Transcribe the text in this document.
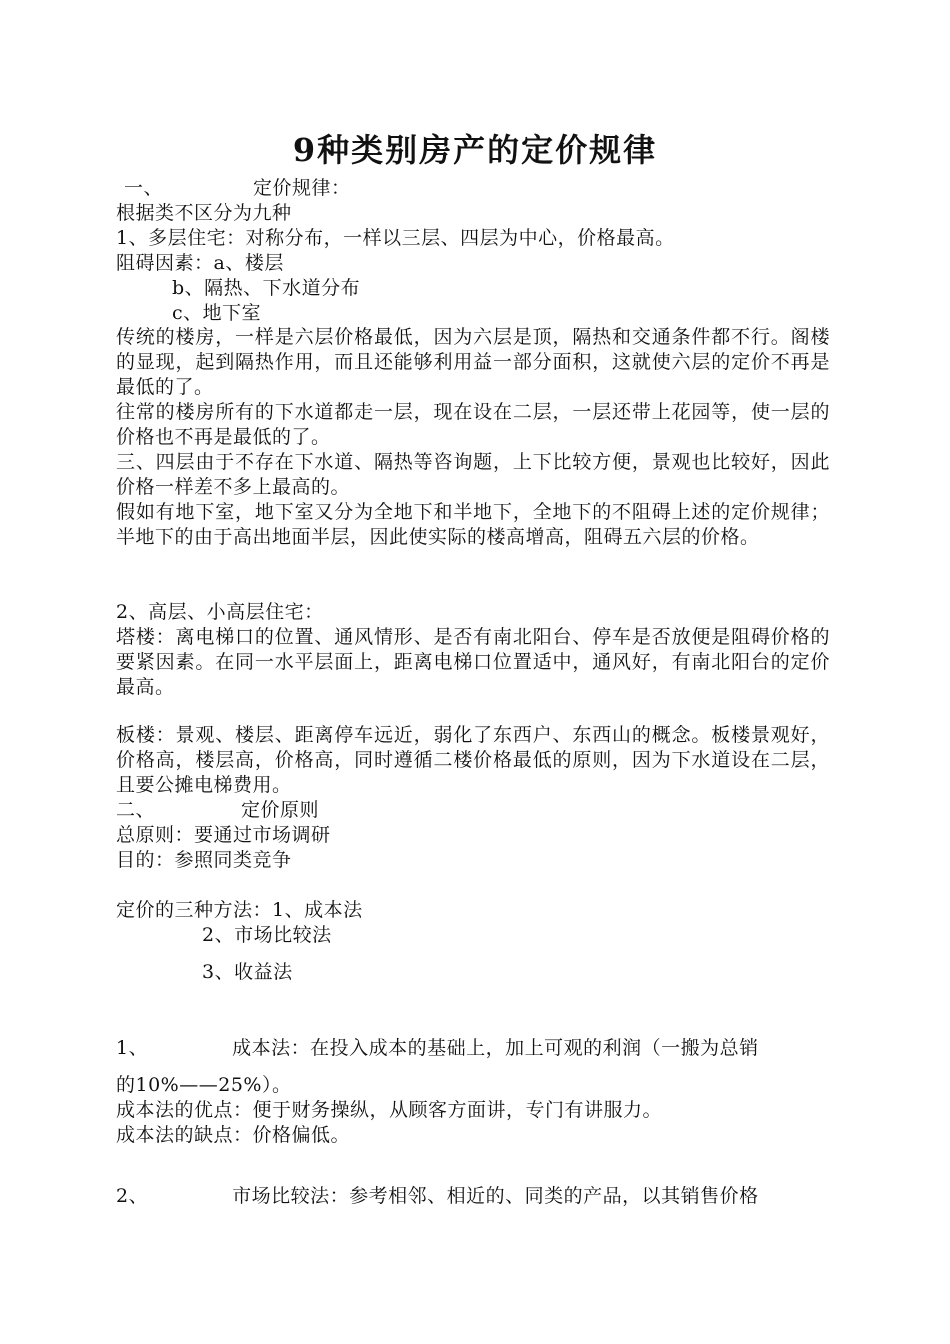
9种类别房产的定价规律
一、	定价规律：
根据类不区分为九种
1、多层住宅：对称分布，一样以三层、四层为中心，价格最高。
阻碍因素：a、楼层
b、隔热、下水道分布
c、地下室
传统的楼房，一样是六层价格最低，因为六层是顶，隔热和交通条件都不行。阁楼的显现，起到隔热作用，而且还能够利用益一部分面积，这就使六层的定价不再是最低的了。
往常的楼房所有的下水道都走一层，现在设在二层，一层还带上花园等，使一层的价格也不再是最低的了。
三、四层由于不存在下水道、隔热等咨询题，上下比较方便，景观也比较好，因此价格一样差不多上最高的。
假如有地下室，地下室又分为全地下和半地下，全地下的不阻碍上述的定价规律；半地下的由于高出地面半层，因此使实际的楼高增高，阻碍五六层的价格。
2、高层、小高层住宅：
塔楼：离电梯口的位置、通风情形、是否有南北阳台、停车是否放便是阻碍价格的要紧因素。在同一水平层面上，距离电梯口位置适中，通风好，有南北阳台的定价最高。
板楼：景观、楼层、距离停车远近，弱化了东西户、东西山的概念。板楼景观好，价格高，楼层高，价格高，同时遵循二楼价格最低的原则，因为下水道设在二层，且要公摊电梯费用。
二、	定价原则
总原则：要通过市场调研
目的：参照同类竞争
定价的三种方法：1、成本法
2、市场比较法
3、收益法
1、	成本法：在投入成本的基础上，加上可观的利润（一搬为总销
的10%——25%）。
成本法的优点：便于财务操纵，从顾客方面讲，专门有讲服力。
成本法的缺点：价格偏低。
2、	市场比较法：参考相邻、相近的、同类的产品，以其销售价格
